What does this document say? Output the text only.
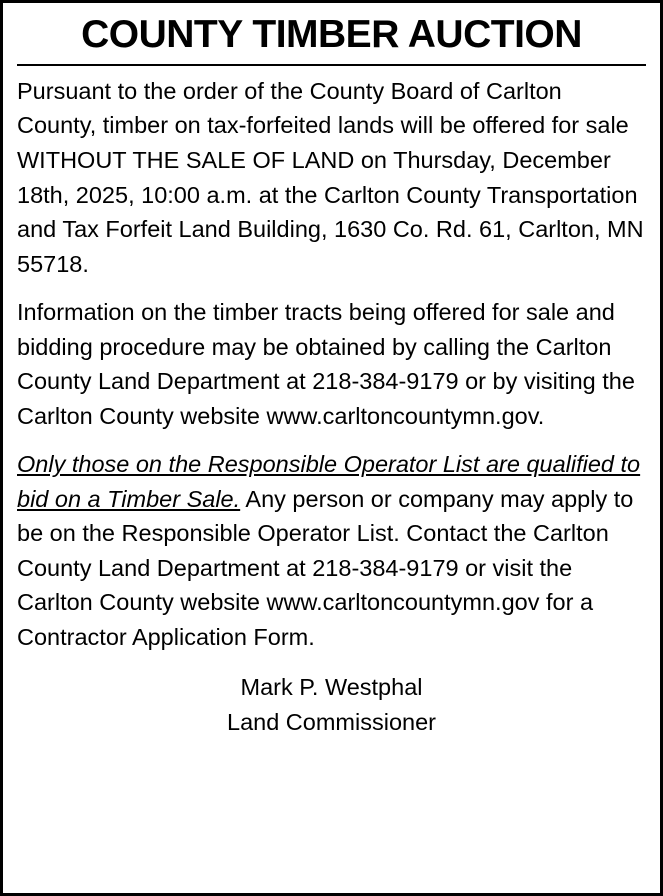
COUNTY TIMBER AUCTION

Pursuant to the order of the County Board of Carlton County, timber on tax-forfeited lands will be offered for sale WITHOUT THE SALE OF LAND on Thursday, December 18th, 2025, 10:00 a.m. at the Carlton County Transportation and Tax Forfeit Land Building, 1630 Co. Rd. 61, Carlton, MN 55718.

Information on the timber tracts being offered for sale and bidding procedure may be obtained by calling the Carlton County Land Department at 218-384-9179 or by visiting the Carlton County website www.carltoncountymn.gov.

Only those on the Responsible Operator List are qualified to bid on a Timber Sale. Any person or company may apply to be on the Responsible Operator List. Contact the Carlton County Land Department at 218-384-9179 or visit the Carlton County website www.carltoncountymn.gov for a Contractor Application Form.

Mark P. Westphal
Land Commissioner
